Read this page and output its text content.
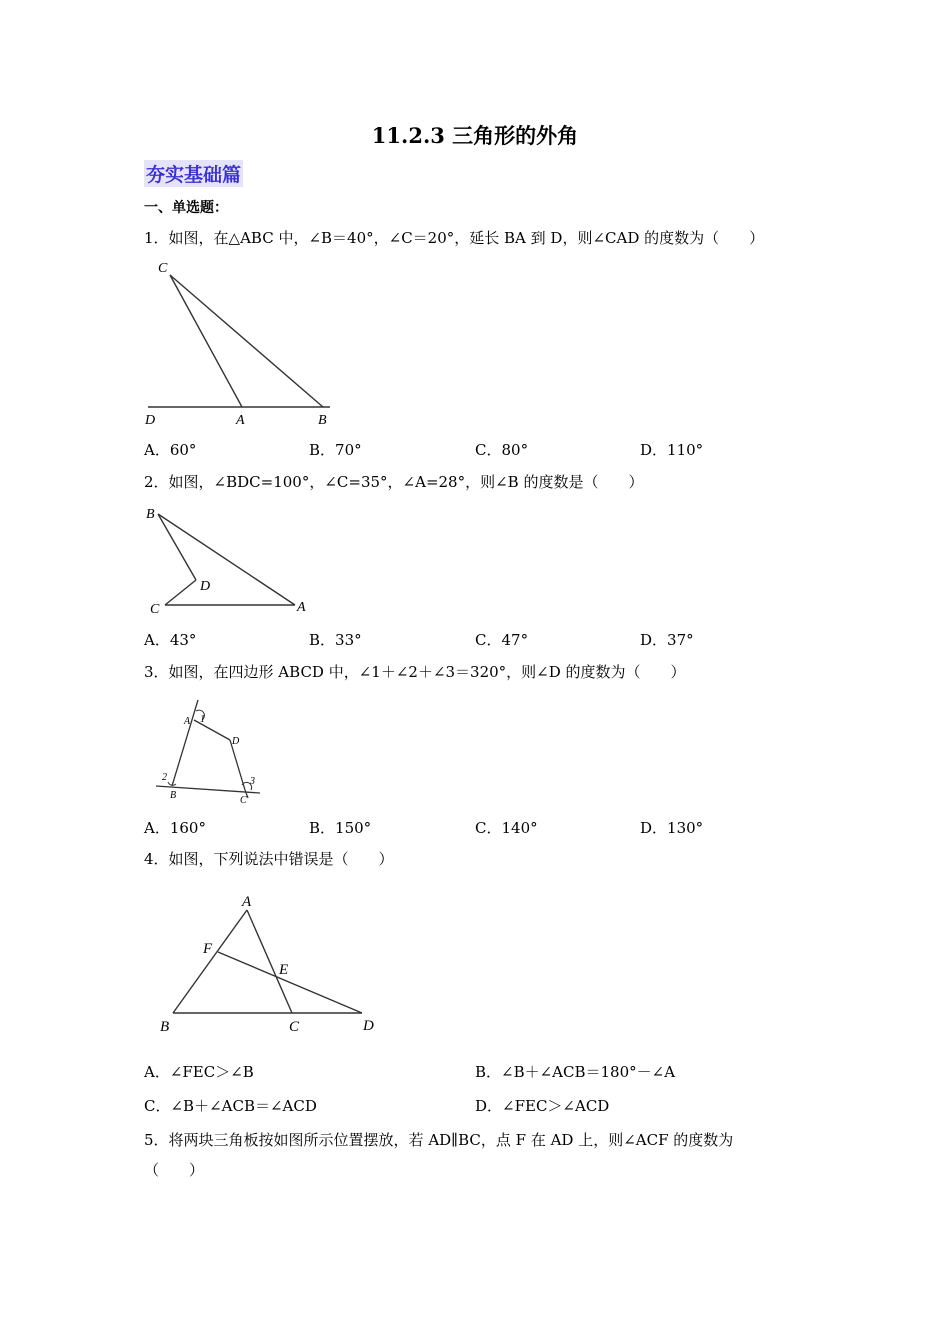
11.2.3 三角形的外角
夯实基础篇
一、单选题：
1．如图，在△ABC 中，∠B＝40°，∠C＝20°，延长 BA 到 D，则∠CAD 的度数为（　　）
C
D	A	B
A．60°	B．70°	C．80°	D．110°
2．如图，∠BDC=100°，∠C=35°，∠A=28°，则∠B 的度数是（　　）
B
D
C	A
A．43°	B．33°	C．47°	D．37°
3．如图，在四边形 ABCD 中，∠1＋∠2＋∠3＝320°，则∠D 的度数为（　　）
A 1
D
2
B
3
C
A．160°	B．150°	C．140°	D．130°
4．如图，下列说法中错误是（　　）
A
F
E
B	C	D
A．∠FEC＞∠B	B．∠B＋∠ACB＝180°－∠A
C．∠B＋∠ACB＝∠ACD	D．∠FEC＞∠ACD
5．将两块三角板按如图所示位置摆放，若 AD∥BC，点 F 在 AD 上，则∠ACF 的度数为
（　　）
